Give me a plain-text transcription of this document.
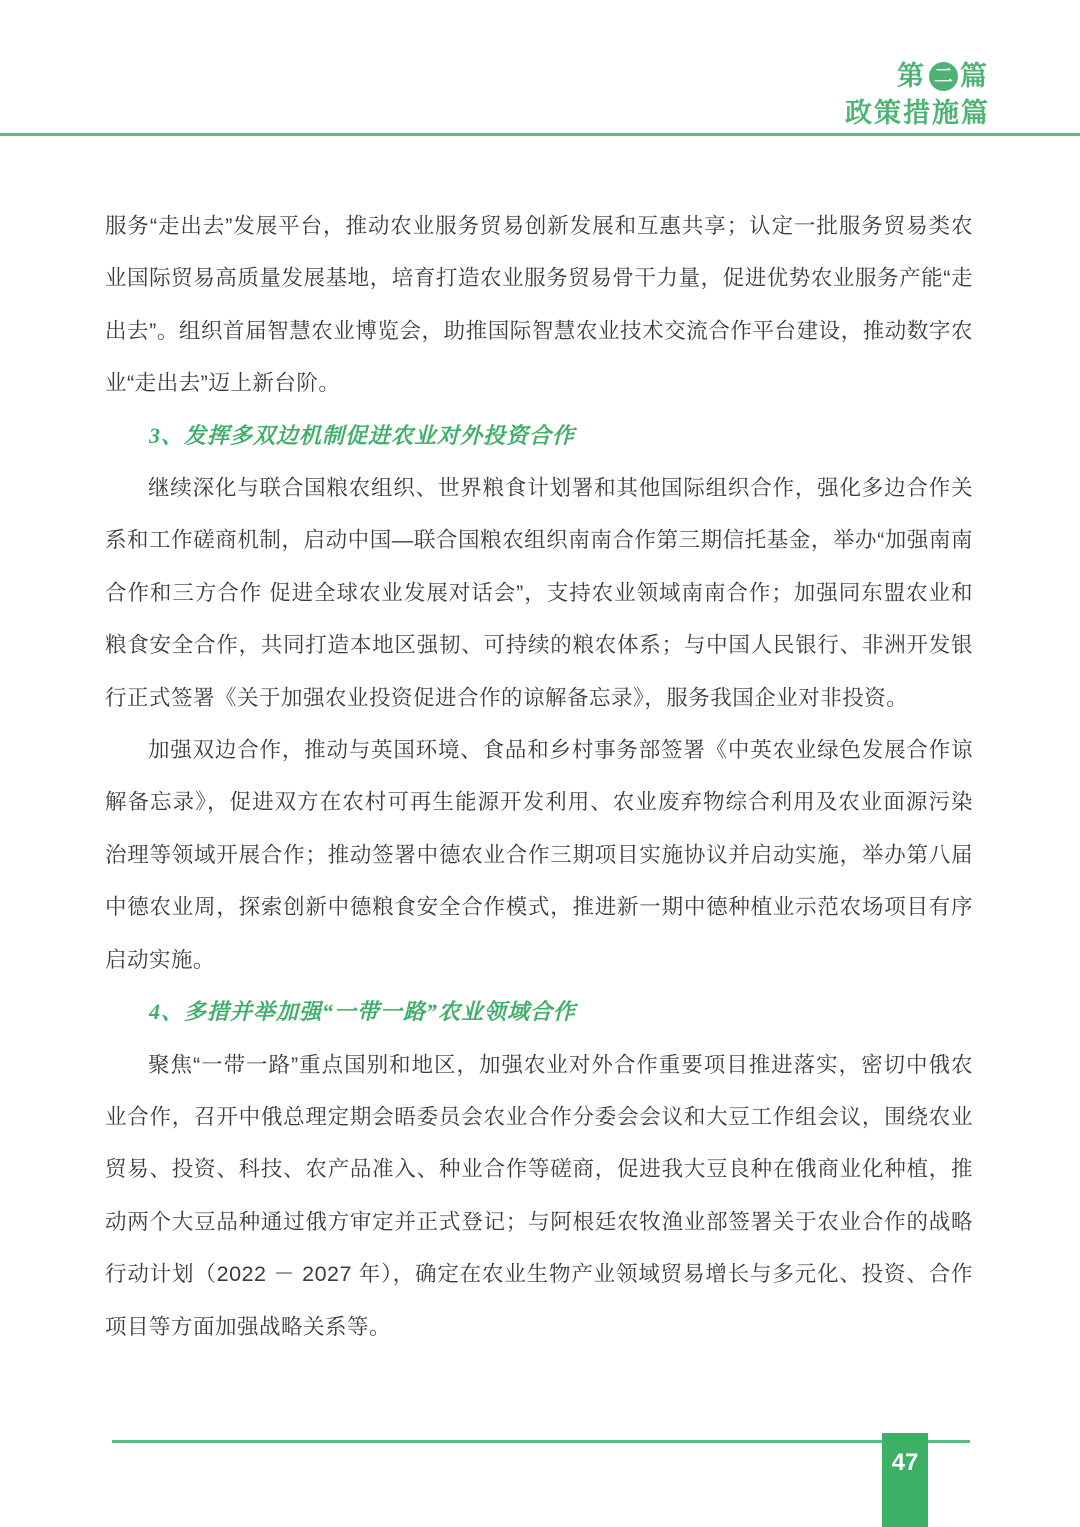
第 二 篇
政策措施篇

服务“走出去”发展平台，推动农业服务贸易创新发展和互惠共享；认定一批服务贸易类农业国际贸易高质量发展基地，培育打造农业服务贸易骨干力量，促进优势农业服务产能“走出去”。组织首届智慧农业博览会，助推国际智慧农业技术交流合作平台建设，推动数字农业“走出去”迈上新台阶。

3、发挥多双边机制促进农业对外投资合作

继续深化与联合国粮农组织、世界粮食计划署和其他国际组织合作，强化多边合作关系和工作磋商机制，启动中国—联合国粮农组织南南合作第三期信托基金，举办“加强南南合作和三方合作 促进全球农业发展对话会”，支持农业领域南南合作；加强同东盟农业和粮食安全合作，共同打造本地区强韧、可持续的粮农体系；与中国人民银行、非洲开发银行正式签署《关于加强农业投资促进合作的谅解备忘录》，服务我国企业对非投资。

加强双边合作，推动与英国环境、食品和乡村事务部签署《中英农业绿色发展合作谅解备忘录》，促进双方在农村可再生能源开发利用、农业废弃物综合利用及农业面源污染治理等领域开展合作；推动签署中德农业合作三期项目实施协议并启动实施，举办第八届中德农业周，探索创新中德粮食安全合作模式，推进新一期中德种植业示范农场项目有序启动实施。

4、多措并举加强“一带一路”农业领域合作

聚焦“一带一路”重点国别和地区，加强农业对外合作重要项目推进落实，密切中俄农业合作，召开中俄总理定期会晤委员会农业合作分委会会议和大豆工作组会议，围绕农业贸易、投资、科技、农产品准入、种业合作等磋商，促进我大豆良种在俄商业化种植，推动两个大豆品种通过俄方审定并正式登记；与阿根廷农牧渔业部签署关于农业合作的战略行动计划（2022 － 2027 年），确定在农业生物产业领域贸易增长与多元化、投资、合作项目等方面加强战略关系等。

47
